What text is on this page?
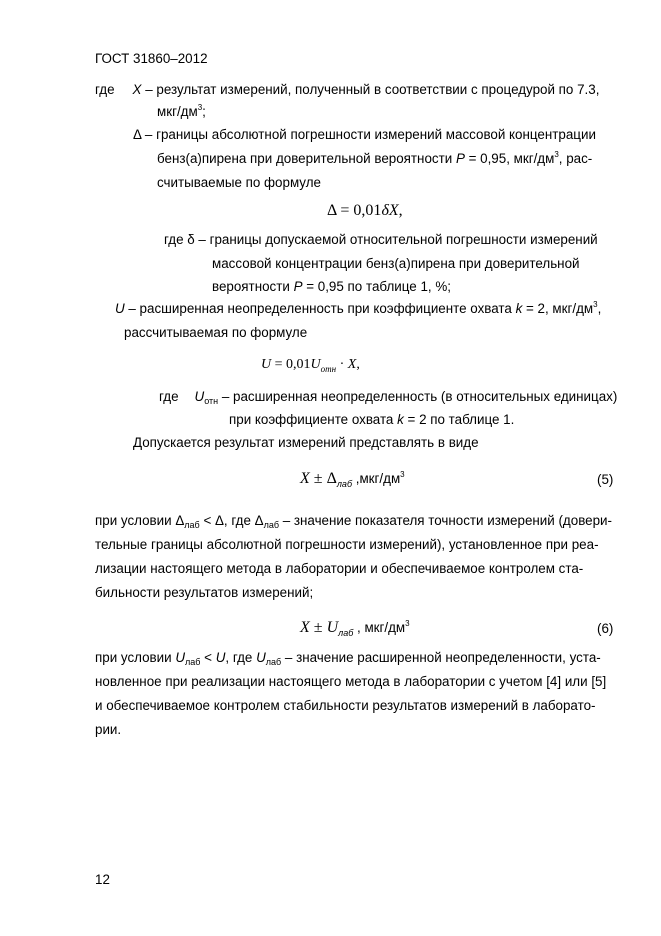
ГОСТ 31860–2012
где X – результат измерений, полученный в соответствии с процедурой по 7.3,
мкг/$дм^3$;
Δ – границы абсолютной погрешности измерений массовой концентрации
бенз(а)пирена при доверительной вероятности P = 0,95, мкг/$дм^3$, рас-
считываемые по формуле
Δ = 0,01δX,
где δ – границы допускаемой относительной погрешности измерений
массовой концентрации бенз(а)пирена при доверительной
вероятности P = 0,95 по таблице 1, %;
U – расширенная неопределенность при коэффициенте охвата k = 2, мкг/$дм^3$,
рассчитываемая по формуле
$U = 0,01U_{отн} \cdot X$,
где $U_{отн}$ – расширенная неопределенность (в относительных единицах)
при коэффициенте охвата k = 2 по таблице 1.
Допускается результат измерений представлять в виде
$X \pm \Delta_{лаб}$ $,мкг/дм^3$	(5)
при условии $\Delta_{лаб} < \Delta$, где $\Delta_{лаб}$ – значение показателя точности измерений (довери-
тельные границы абсолютной погрешности измерений), установленное при реа-
лизации настоящего метода в лаборатории и обеспечиваемое контролем ста-
бильности результатов измерений;
$X \pm U_{лаб}$ , мкг/$дм^3$	(6)
при условии $U_{лаб} < U$, где $U_{лаб}$ – значение расширенной неопределенности, уста-
новленное при реализации настоящего метода в лаборатории с учетом [4] или [5]
и обеспечиваемое контролем стабильности результатов измерений в лаборато-
рии.
12
